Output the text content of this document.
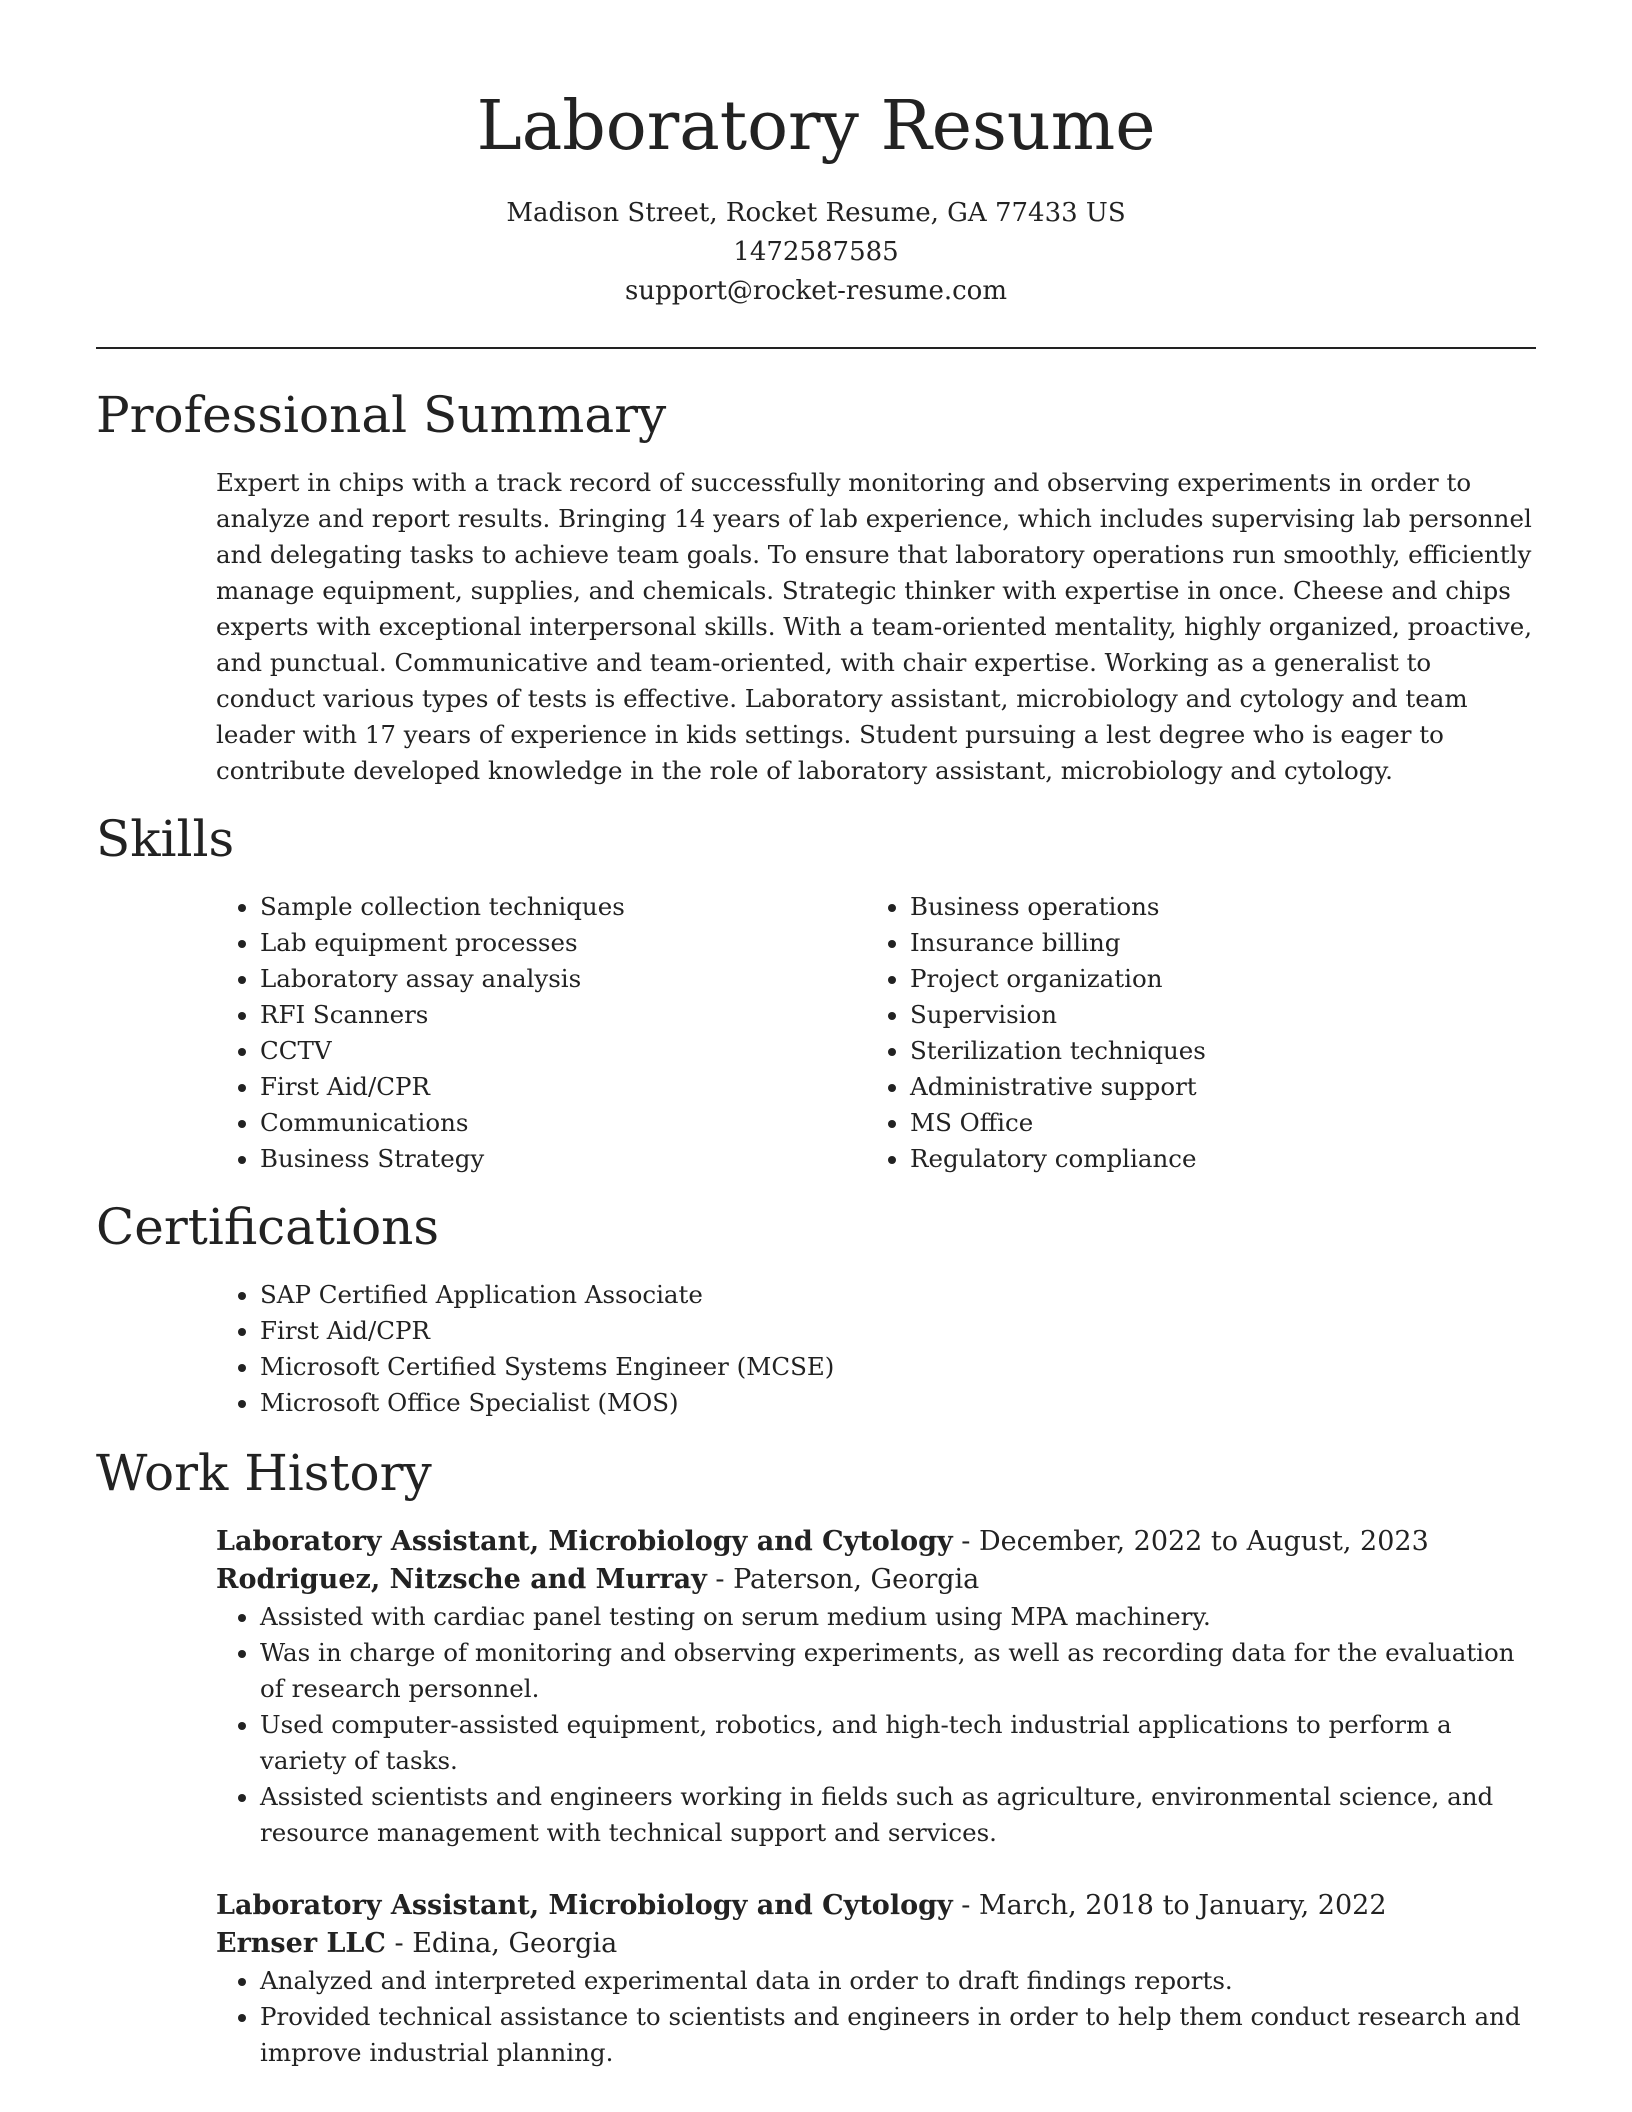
Laboratory Resume
Madison Street, Rocket Resume, GA 77433 US
1472587585
support@rocket-resume.com
Professional Summary
Expert in chips with a track record of successfully monitoring and observing experiments in order to analyze and report results. Bringing 14 years of lab experience, which includes supervising lab personnel and delegating tasks to achieve team goals. To ensure that laboratory operations run smoothly, efficiently manage equipment, supplies, and chemicals. Strategic thinker with expertise in once. Cheese and chips experts with exceptional interpersonal skills. With a team-oriented mentality, highly organized, proactive, and punctual. Communicative and team-oriented, with chair expertise. Working as a generalist to conduct various types of tests is effective. Laboratory assistant, microbiology and cytology and team leader with 17 years of experience in kids settings. Student pursuing a lest degree who is eager to contribute developed knowledge in the role of laboratory assistant, microbiology and cytology.
Skills
• Sample collection techniques
• Lab equipment processes
• Laboratory assay analysis
• RFI Scanners
• CCTV
• First Aid/CPR
• Communications
• Business Strategy
• Business operations
• Insurance billing
• Project organization
• Supervision
• Sterilization techniques
• Administrative support
• MS Office
• Regulatory compliance
Certifications
• SAP Certified Application Associate
• First Aid/CPR
• Microsoft Certified Systems Engineer (MCSE)
• Microsoft Office Specialist (MOS)
Work History
Laboratory Assistant, Microbiology and Cytology - December, 2022 to August, 2023
Rodriguez, Nitzsche and Murray - Paterson, Georgia
• Assisted with cardiac panel testing on serum medium using MPA machinery.
• Was in charge of monitoring and observing experiments, as well as recording data for the evaluation of research personnel.
• Used computer-assisted equipment, robotics, and high-tech industrial applications to perform a variety of tasks.
• Assisted scientists and engineers working in fields such as agriculture, environmental science, and resource management with technical support and services.
Laboratory Assistant, Microbiology and Cytology - March, 2018 to January, 2022
Ernser LLC - Edina, Georgia
• Analyzed and interpreted experimental data in order to draft findings reports.
• Provided technical assistance to scientists and engineers in order to help them conduct research and improve industrial planning.
